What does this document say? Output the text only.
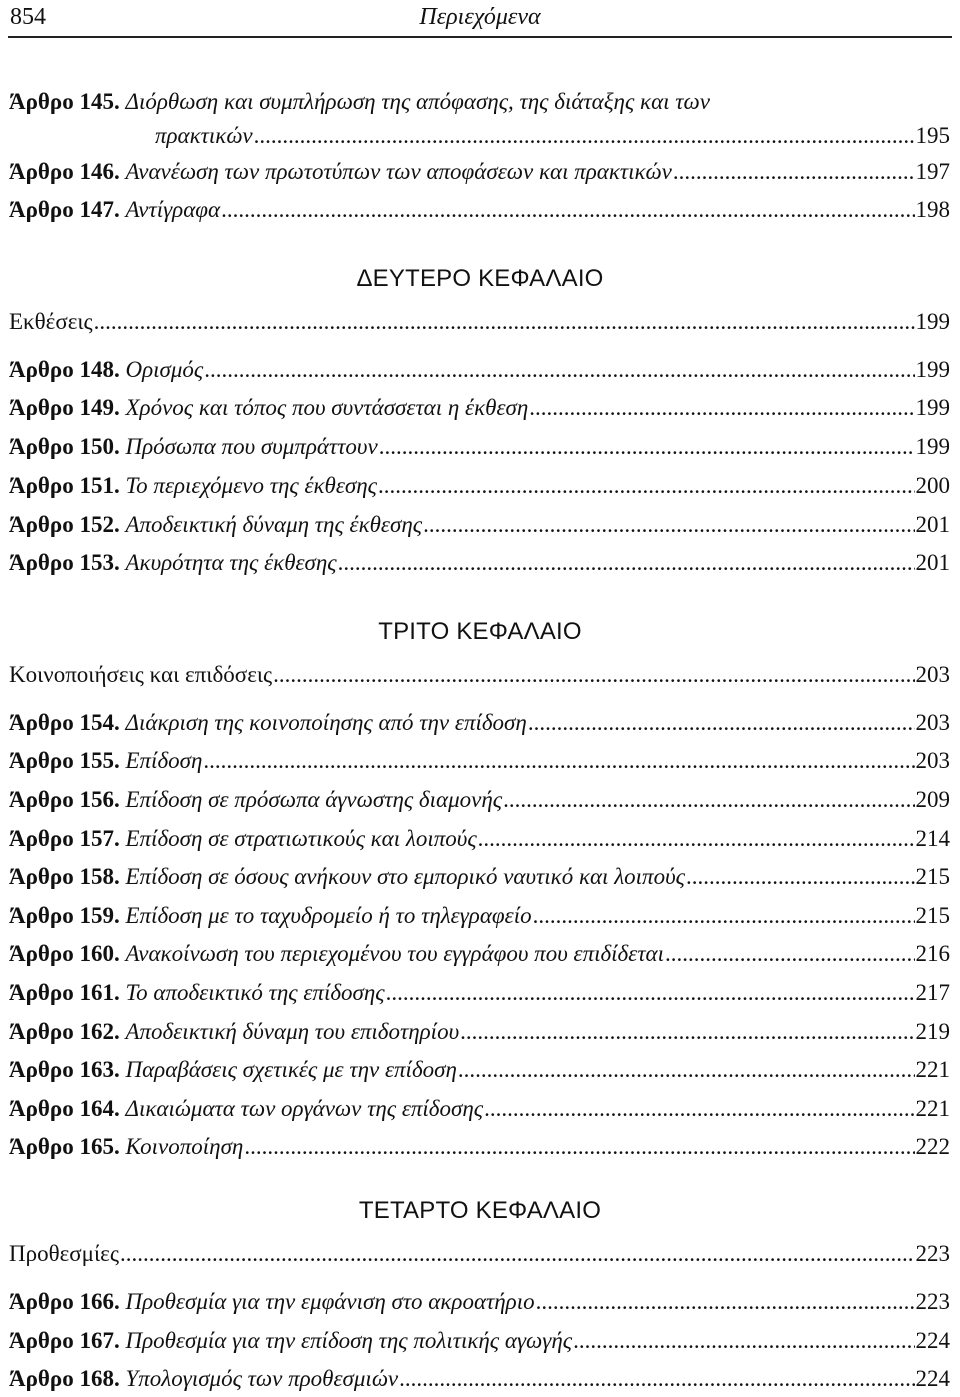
854	Περιεχόμενα
Άρθρο 145. Διόρθωση και συμπλήρωση της απόφασης, της διάταξης και των
πρακτικών .....	195
Άρθρο 146. Ανανέωση των πρωτοτύπων των αποφάσεων και πρακτικών .....	197
Άρθρο 147. Αντίγραφα .....	198
ΔΕΥΤΕΡΟ ΚΕΦΑΛΑΙΟ
Εκθέσεις .....	199
Άρθρο 148. Ορισμός .....	199
Άρθρο 149. Χρόνος και τόπος που συντάσσεται η έκθεση .....	199
Άρθρο 150. Πρόσωπα που συμπράττουν .....	199
Άρθρο 151. Το περιεχόμενο της έκθεσης .....	200
Άρθρο 152. Αποδεικτική δύναμη της έκθεσης .....	201
Άρθρο 153. Ακυρότητα της έκθεσης .....	201
ΤΡΙΤΟ ΚΕΦΑΛΑΙΟ
Κοινοποιήσεις και επιδόσεις .....	203
Άρθρο 154. Διάκριση της κοινοποίησης από την επίδοση .....	203
Άρθρο 155. Επίδοση .....	203
Άρθρο 156. Επίδοση σε πρόσωπα άγνωστης διαμονής .....	209
Άρθρο 157. Επίδοση σε στρατιωτικούς και λοιπούς .....	214
Άρθρο 158. Επίδοση σε όσους ανήκουν στο εμπορικό ναυτικό και λοιπούς .....	215
Άρθρο 159. Επίδοση με το ταχυδρομείο ή το τηλεγραφείο .....	215
Άρθρο 160. Ανακοίνωση του περιεχομένου του εγγράφου που επιδίδεται .....	216
Άρθρο 161. Το αποδεικτικό της επίδοσης .....	217
Άρθρο 162. Αποδεικτική δύναμη του επιδοτηρίου .....	219
Άρθρο 163. Παραβάσεις σχετικές με την επίδοση .....	221
Άρθρο 164. Δικαιώματα των οργάνων της επίδοσης .....	221
Άρθρο 165. Κοινοποίηση .....	222
ΤΕΤΑΡΤΟ ΚΕΦΑΛΑΙΟ
Προθεσμίες .....	223
Άρθρο 166. Προθεσμία για την εμφάνιση στο ακροατήριο .....	223
Άρθρο 167. Προθεσμία για την επίδοση της πολιτικής αγωγής .....	224
Άρθρο 168. Υπολογισμός των προθεσμιών .....	224
